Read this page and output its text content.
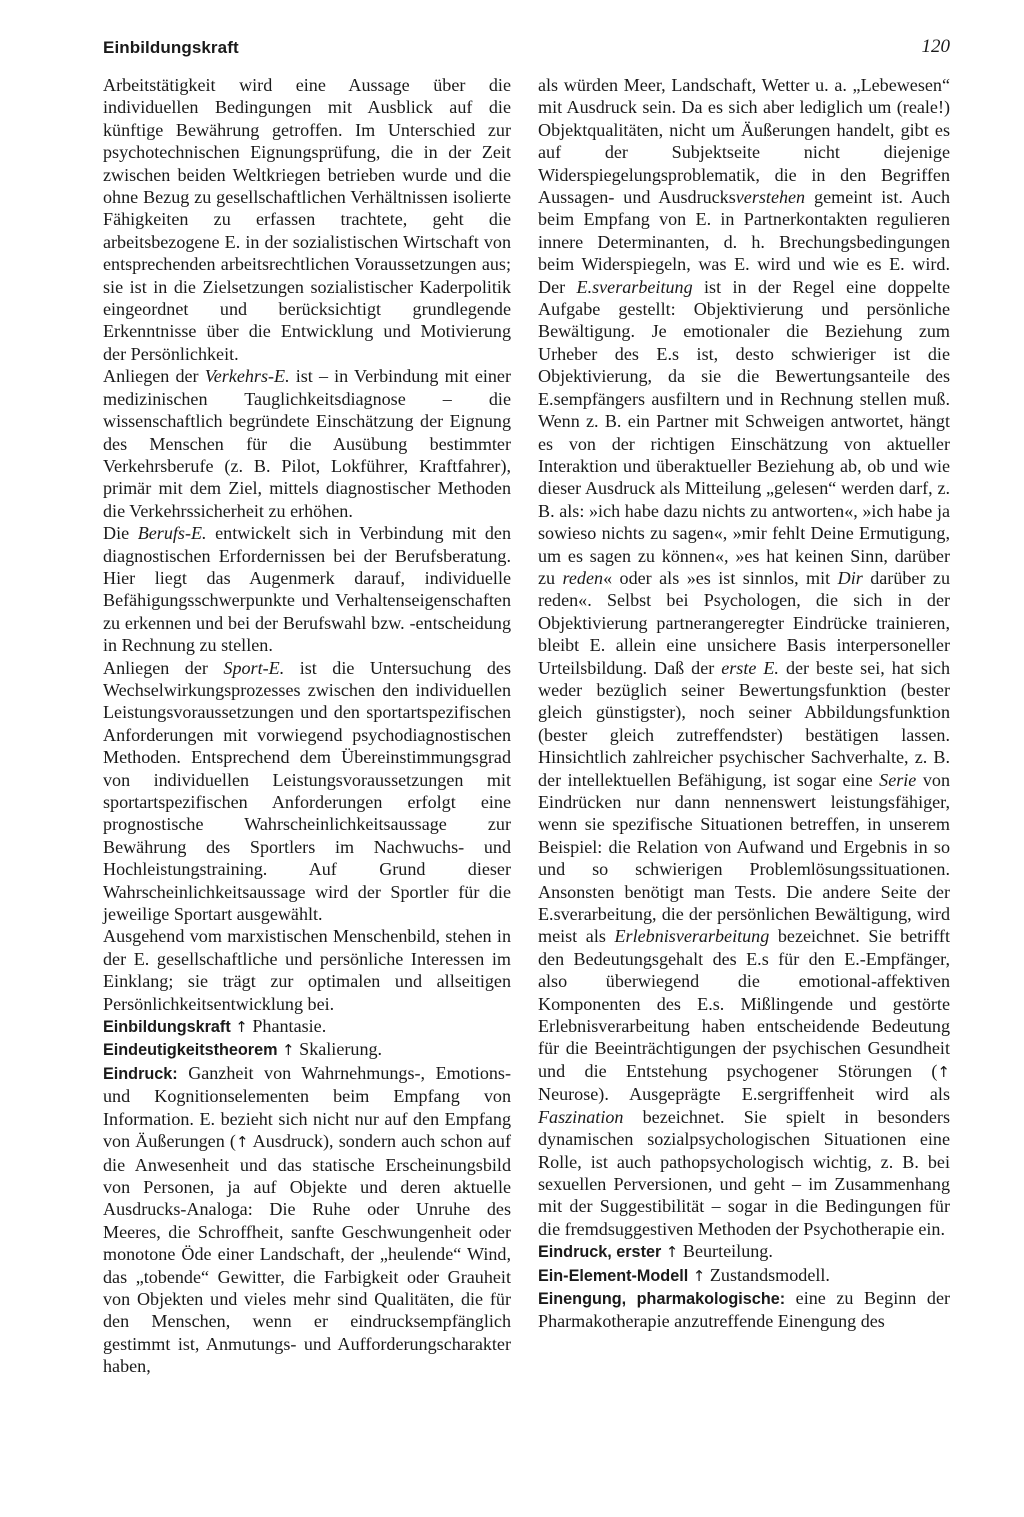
Einbildungskraft	120

Arbeitstätigkeit wird eine Aussage über die individuellen Bedingungen mit Ausblick auf die künftige Bewährung getroffen. Im Unterschied zur psychotechnischen Eignungsprüfung, die in der Zeit zwischen beiden Weltkriegen betrieben wurde und die ohne Bezug zu gesellschaftlichen Verhältnissen isolierte Fähigkeiten zu erfassen trachtete, geht die arbeitsbezogene E. in der sozialistischen Wirtschaft von entsprechenden arbeitsrechtlichen Voraussetzungen aus; sie ist in die Zielsetzungen sozialistischer Kaderpolitik eingeordnet und berücksichtigt grundlegende Erkenntnisse über die Entwicklung und Motivierung der Persönlichkeit.

Anliegen der Verkehrs-E. ist – in Verbindung mit einer medizinischen Tauglichkeitsdiagnose – die wissenschaftlich begründete Einschätzung der Eignung des Menschen für die Ausübung bestimmter Verkehrsberufe (z. B. Pilot, Lokführer, Kraftfahrer), primär mit dem Ziel, mittels diagnostischer Methoden die Verkehrssicherheit zu erhöhen.

Die Berufs-E. entwickelt sich in Verbindung mit den diagnostischen Erfordernissen bei der Berufsberatung. Hier liegt das Augenmerk darauf, individuelle Befähigungsschwerpunkte und Verhaltenseigenschaften zu erkennen und bei der Berufswahl bzw. -entscheidung in Rechnung zu stellen.

Anliegen der Sport-E. ist die Untersuchung des Wechselwirkungsprozesses zwischen den individuellen Leistungsvoraussetzungen und den sportartspezifischen Anforderungen mit vorwiegend psychodiagnostischen Methoden. Entsprechend dem Übereinstimmungsgrad von individuellen Leistungsvoraussetzungen mit sportartspezifischen Anforderungen erfolgt eine prognostische Wahrscheinlichkeitsaussage zur Bewährung des Sportlers im Nachwuchs- und Hochleistungstraining. Auf Grund dieser Wahrscheinlichkeitsaussage wird der Sportler für die jeweilige Sportart ausgewählt.

Ausgehend vom marxistischen Menschenbild, stehen in der E. gesellschaftliche und persönliche Interessen im Einklang; sie trägt zur optimalen und allseitigen Persönlichkeitsentwicklung bei.

Einbildungskraft ↑ Phantasie.

Eindeutigkeitstheorem ↑ Skalierung.

Eindruck: Ganzheit von Wahrnehmungs-, Emotions- und Kognitionselementen beim Empfang von Information. E. bezieht sich nicht nur auf den Empfang von Äußerungen (↑ Ausdruck), sondern auch schon auf die Anwesenheit und das statische Erscheinungsbild von Personen, ja auf Objekte und deren aktuelle Ausdrucks-Analoga: Die Ruhe oder Unruhe des Meeres, die Schroffheit, sanfte Geschwungenheit oder monotone Öde einer Landschaft, der „heulende“ Wind, das „tobende“ Gewitter, die Farbigkeit oder Grauheit von Objekten und vieles mehr sind Qualitäten, die für den Menschen, wenn er eindrucksempfänglich gestimmt ist, Anmutungs- und Aufforderungscharakter haben,

als würden Meer, Landschaft, Wetter u. a. „Lebewesen“ mit Ausdruck sein. Da es sich aber lediglich um (reale!) Objektqualitäten, nicht um Äußerungen handelt, gibt es auf der Subjektseite nicht diejenige Widerspiegelungsproblematik, die in den Begriffen Aussagen- und Ausdrucksverstehen gemeint ist. Auch beim Empfang von E. in Partnerkontakten regulieren innere Determinanten, d. h. Brechungsbedingungen beim Widerspiegeln, was E. wird und wie es E. wird. Der E.sverarbeitung ist in der Regel eine doppelte Aufgabe gestellt: Objektivierung und persönliche Bewältigung. Je emotionaler die Beziehung zum Urheber des E.s ist, desto schwieriger ist die Objektivierung, da sie die Bewertungsanteile des E.sempfängers ausfiltern und in Rechnung stellen muß. Wenn z. B. ein Partner mit Schweigen antwortet, hängt es von der richtigen Einschätzung von aktueller Interaktion und überaktueller Beziehung ab, ob und wie dieser Ausdruck als Mitteilung „gelesen“ werden darf, z. B. als: »ich habe dazu nichts zu antworten«, »ich habe ja sowieso nichts zu sagen«, »mir fehlt Deine Ermutigung, um es sagen zu können«, »es hat keinen Sinn, darüber zu reden« oder als »es ist sinnlos, mit Dir darüber zu reden«. Selbst bei Psychologen, die sich in der Objektivierung partnerangeregter Eindrücke trainieren, bleibt E. allein eine unsichere Basis interpersoneller Urteilsbildung. Daß der erste E. der beste sei, hat sich weder bezüglich seiner Bewertungsfunktion (bester gleich günstigster), noch seiner Abbildungsfunktion (bester gleich zutreffendster) bestätigen lassen. Hinsichtlich zahlreicher psychischer Sachverhalte, z. B. der intellektuellen Befähigung, ist sogar eine Serie von Eindrücken nur dann nennenswert leistungsfähiger, wenn sie spezifische Situationen betreffen, in unserem Beispiel: die Relation von Aufwand und Ergebnis in so und so schwierigen Problemlösungssituationen. Ansonsten benötigt man Tests. Die andere Seite der E.sverarbeitung, die der persönlichen Bewältigung, wird meist als Erlebnisverarbeitung bezeichnet. Sie betrifft den Bedeutungsgehalt des E.s für den E.-Empfänger, also überwiegend die emotional-affektiven Komponenten des E.s. Mißlingende und gestörte Erlebnisverarbeitung haben entscheidende Bedeutung für die Beeinträchtigungen der psychischen Gesundheit und die Entstehung psychogener Störungen (↑ Neurose). Ausgeprägte E.sergriffenheit wird als Faszination bezeichnet. Sie spielt in besonders dynamischen sozialpsychologischen Situationen eine Rolle, ist auch pathopsychologisch wichtig, z. B. bei sexuellen Perversionen, und geht – im Zusammenhang mit der Suggestibilität – sogar in die Bedingungen für die fremdsuggestiven Methoden der Psychotherapie ein.

Eindruck, erster ↑ Beurteilung.

Ein-Element-Modell ↑ Zustandsmodell.

Einengung, pharmakologische: eine zu Beginn der Pharmakotherapie anzutreffende Einengung des
